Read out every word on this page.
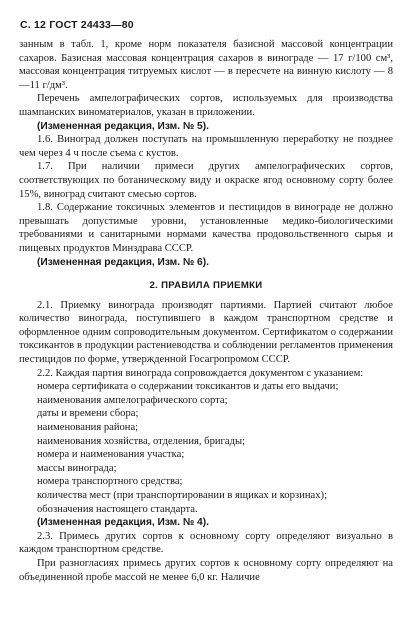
С. 12 ГОСТ 24433—80

занным в табл. 1, кроме норм показателя базисной массовой концентрации сахаров. Базисная массовая концентрация сахаров в винограде — 17 г/100 см³, массовая концентрация титруемых кислот — в пересчете на винную кислоту — 8—11 г/дм³.

Перечень ампелографических сортов, используемых для производства шампанских виноматериалов, указан в приложении.

(Измененная редакция, Изм. № 5).

1.6. Виноград должен поступать на промышленную переработку не позднее чем через 4 ч после съема с кустов.

1.7. При наличии примеси других ампелографических сортов, соответствующих по ботаническому виду и окраске ягод основному сорту более 15%, виноград считают смесью сортов.

1.8. Содержание токсичных элементов и пестицидов в винограде не должно превышать допустимые уровни, установленные медико-биологическими требованиями и санитарными нормами качества продовольственного сырья и пищевых продуктов Минздрава СССР.

(Измененная редакция, Изм. № 6).

2. ПРАВИЛА ПРИЕМКИ

2.1. Приемку винограда производят партиями. Партией считают любое количество винограда, поступившего в каждом транспортном средстве и оформленное одним сопроводительным документом. Сертификатом о содержании токсикантов в продукции растениеводства и соблюдении регламентов применения пестицидов по форме, утвержденной Госагропромом СССР.

2.2. Каждая партия винограда сопровождается документом с указанием:

номера сертификата о содержании токсикантов и даты его выдачи;

наименования ампелографического сорта;

даты и времени сбора;

наименования района;

наименования хозяйства, отделения, бригады;

номера и наименования участка;

массы винограда;

номера транспортного средства;

количества мест (при транспортировании в ящиках и корзинах);

обозначения настоящего стандарта.

(Измененная редакция, Изм. № 4).

2.3. Примесь других сортов к основному сорту определяют визуально в каждом транспортном средстве.

При разногласиях примесь других сортов к основному сорту определяют на объединенной пробе массой не менее 6,0 кг. Наличие
